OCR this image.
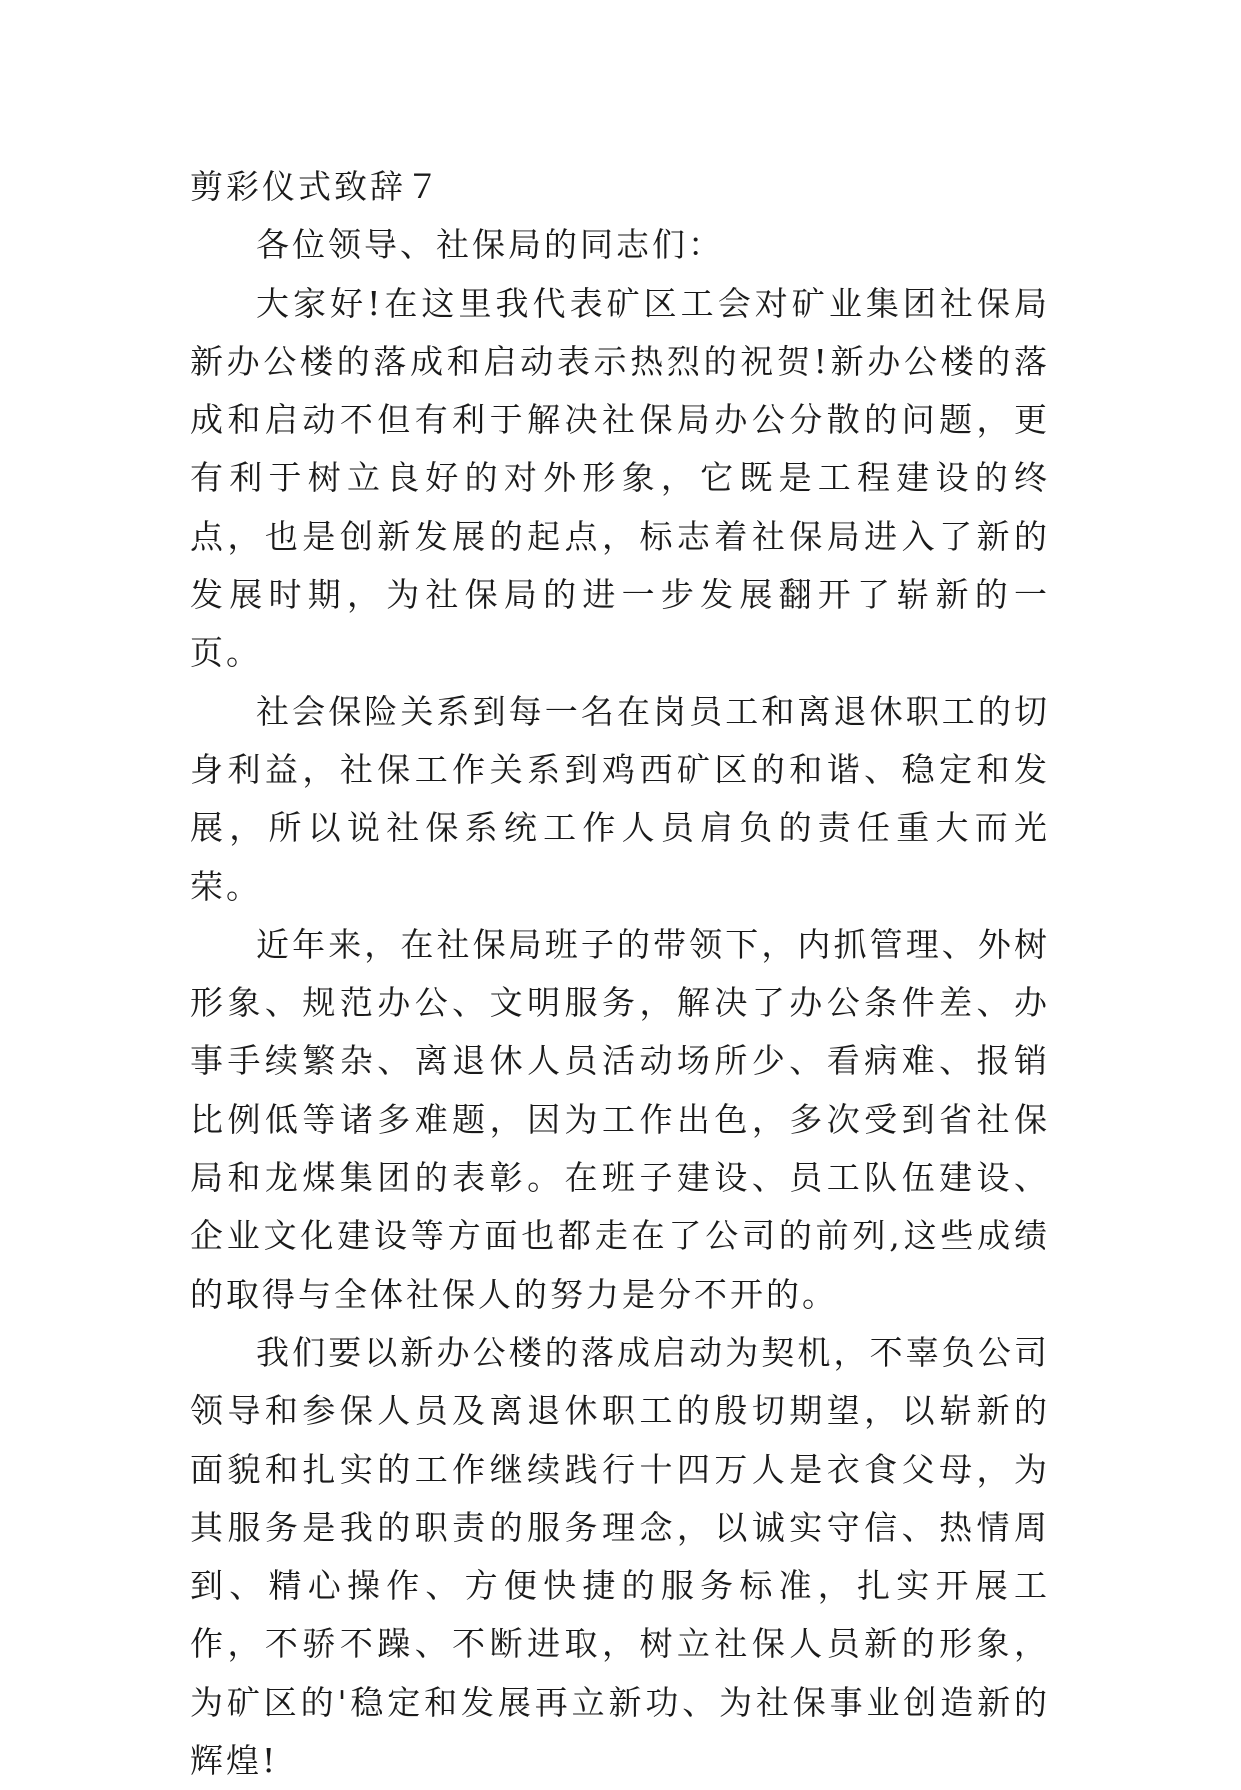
剪彩仪式致辞７

各位领导、社保局的同志们：

大家好!在这里我代表矿区工会对矿业集团社保局新办公楼的落成和启动表示热烈的祝贺!新办公楼的落成和启动不但有利于解决社保局办公分散的问题，更有利于树立良好的对外形象，它既是工程建设的终点，也是创新发展的起点，标志着社保局进入了新的发展时期，为社保局的进一步发展翻开了崭新的一页。

社会保险关系到每一名在岗员工和离退休职工的切身利益，社保工作关系到鸡西矿区的和谐、稳定和发展，所以说社保系统工作人员肩负的责任重大而光荣。

近年来，在社保局班子的带领下，内抓管理、外树形象、规范办公、文明服务，解决了办公条件差、办事手续繁杂、离退休人员活动场所少、看病难、报销比例低等诸多难题，因为工作出色，多次受到省社保局和龙煤集团的表彰。在班子建设、员工队伍建设、企业文化建设等方面也都走在了公司的前列,这些成绩的取得与全体社保人的努力是分不开的。

我们要以新办公楼的落成启动为契机，不辜负公司领导和参保人员及离退休职工的殷切期望，以崭新的面貌和扎实的工作继续践行十四万人是衣食父母，为其服务是我的职责的服务理念，以诚实守信、热情周到、精心操作、方便快捷的服务标准，扎实开展工作，不骄不躁、不断进取，树立社保人员新的形象，为矿区的'稳定和发展再立新功、为社保事业创造新的辉煌!
